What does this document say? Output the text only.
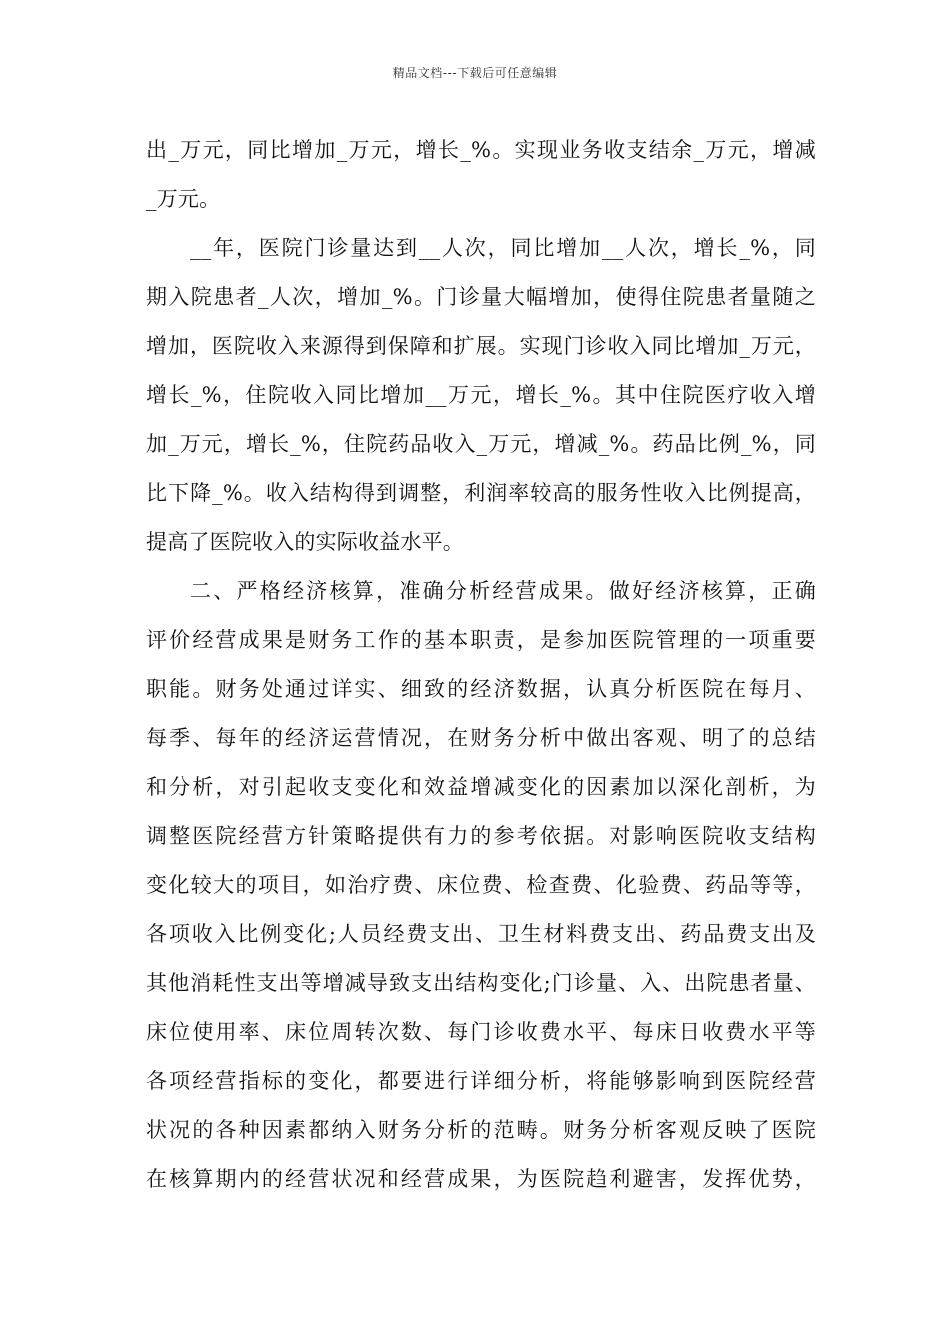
精品文档---下载后可任意编辑
出_万元，同比增加_万元，增长_%。实现业务收支结余_万元，增减
_万元。
__年，医院门诊量达到__人次，同比增加__人次，增长_%，同
期入院患者_人次，增加_%。门诊量大幅增加，使得住院患者量随之
增加，医院收入来源得到保障和扩展。实现门诊收入同比增加_万元，
增长_%，住院收入同比增加__万元，增长_%。其中住院医疗收入增
加_万元，增长_%，住院药品收入_万元，增减_%。药品比例_%，同
比下降_%。收入结构得到调整，利润率较高的服务性收入比例提高，
提高了医院收入的实际收益水平。
二、严格经济核算，准确分析经营成果。做好经济核算，正确
评价经营成果是财务工作的基本职责，是参加医院管理的一项重要
职能。财务处通过详实、细致的经济数据，认真分析医院在每月、
每季、每年的经济运营情况，在财务分析中做出客观、明了的总结
和分析，对引起收支变化和效益增减变化的因素加以深化剖析，为
调整医院经营方针策略提供有力的参考依据。对影响医院收支结构
变化较大的项目，如治疗费、床位费、检查费、化验费、药品等等，
各项收入比例变化;人员经费支出、卫生材料费支出、药品费支出及
其他消耗性支出等增减导致支出结构变化;门诊量、入、出院患者量、
床位使用率、床位周转次数、每门诊收费水平、每床日收费水平等
各项经营指标的变化，都要进行详细分析，将能够影响到医院经营
状况的各种因素都纳入财务分析的范畴。财务分析客观反映了医院
在核算期内的经营状况和经营成果，为医院趋利避害，发挥优势，
